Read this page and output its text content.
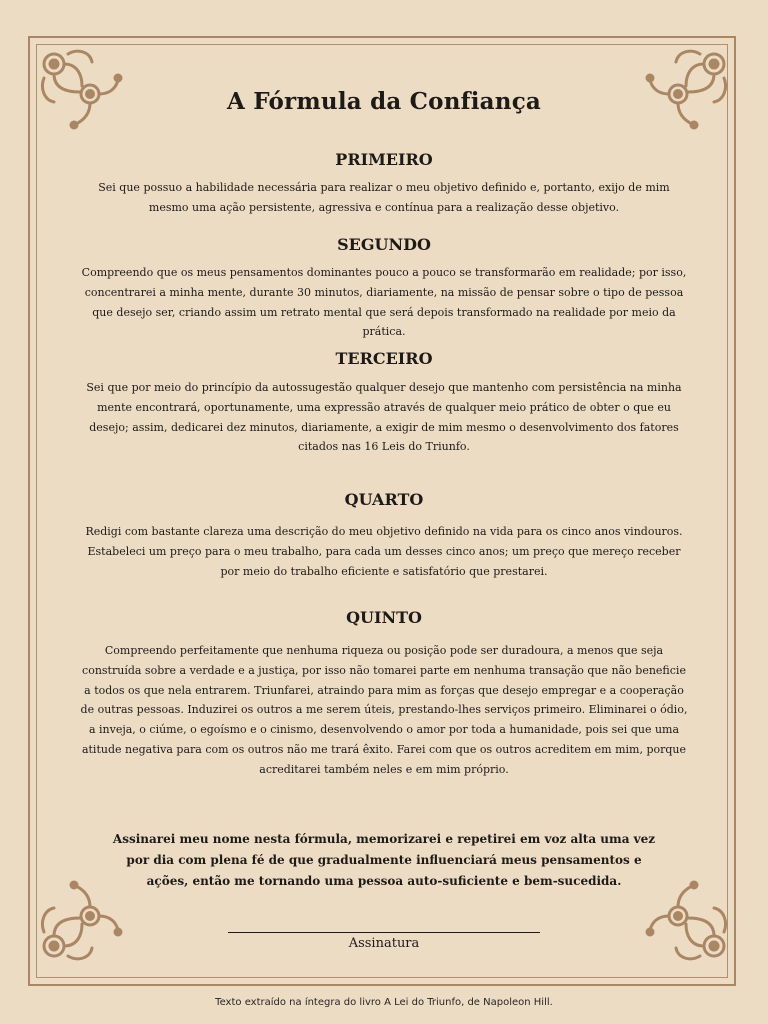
A Fórmula da Confiança
PRIMEIRO

Sei que possuo a habilidade necessária para realizar o meu objetivo definido e, portanto, exijo de mim mesmo uma ação persistente, agressiva e contínua para a realização desse objetivo.

SEGUNDO

Compreendo que os meus pensamentos dominantes pouco a pouco se transformarão em realidade; por isso, concentrarei a minha mente, durante 30 minutos, diariamente, na missão de pensar sobre o tipo de pessoa que desejo ser, criando assim um retrato mental que será depois transformado na realidade por meio da prática.

TERCEIRO

Sei que por meio do princípio da autossugestão qualquer desejo que mantenho com persistência na minha mente encontrará, oportunamente, uma expressão através de qualquer meio prático de obter o que eu desejo; assim, dedicarei dez minutos, diariamente, a exigir de mim mesmo o desenvolvimento dos fatores citados nas 16 Leis do Triunfo.

QUARTO

Redigi com bastante clareza uma descrição do meu objetivo definido na vida para os cinco anos vindouros. Estabeleci um preço para o meu trabalho, para cada um desses cinco anos; um preço que mereço receber por meio do trabalho eficiente e satisfatório que prestarei.

QUINTO

Compreendo perfeitamente que nenhuma riqueza ou posição pode ser duradoura, a menos que seja construída sobre a verdade e a justiça, por isso não tomarei parte em nenhuma transação que não beneficie a todos os que nela entrarem. Triunfarei, atraindo para mim as forças que desejo empregar e a cooperação de outras pessoas. Induzirei os outros a me serem úteis, prestando-lhes serviços primeiro. Eliminarei o ódio, a inveja, o ciúme, o egoísmo e o cinismo, desenvolvendo o amor por toda a humanidade, pois sei que uma atitude negativa para com os outros não me trará êxito. Farei com que os outros acreditem em mim, porque acreditarei também neles e em mim próprio.

Assinarei meu nome nesta fórmula, memorizarei e repetirei em voz alta uma vez por dia com plena fé de que gradualmente influenciará meus pensamentos e ações, então me tornando uma pessoa auto-suficiente e bem-sucedida.

Assinatura

Texto extraído na íntegra do livro A Lei do Triunfo, de Napoleon Hill.
